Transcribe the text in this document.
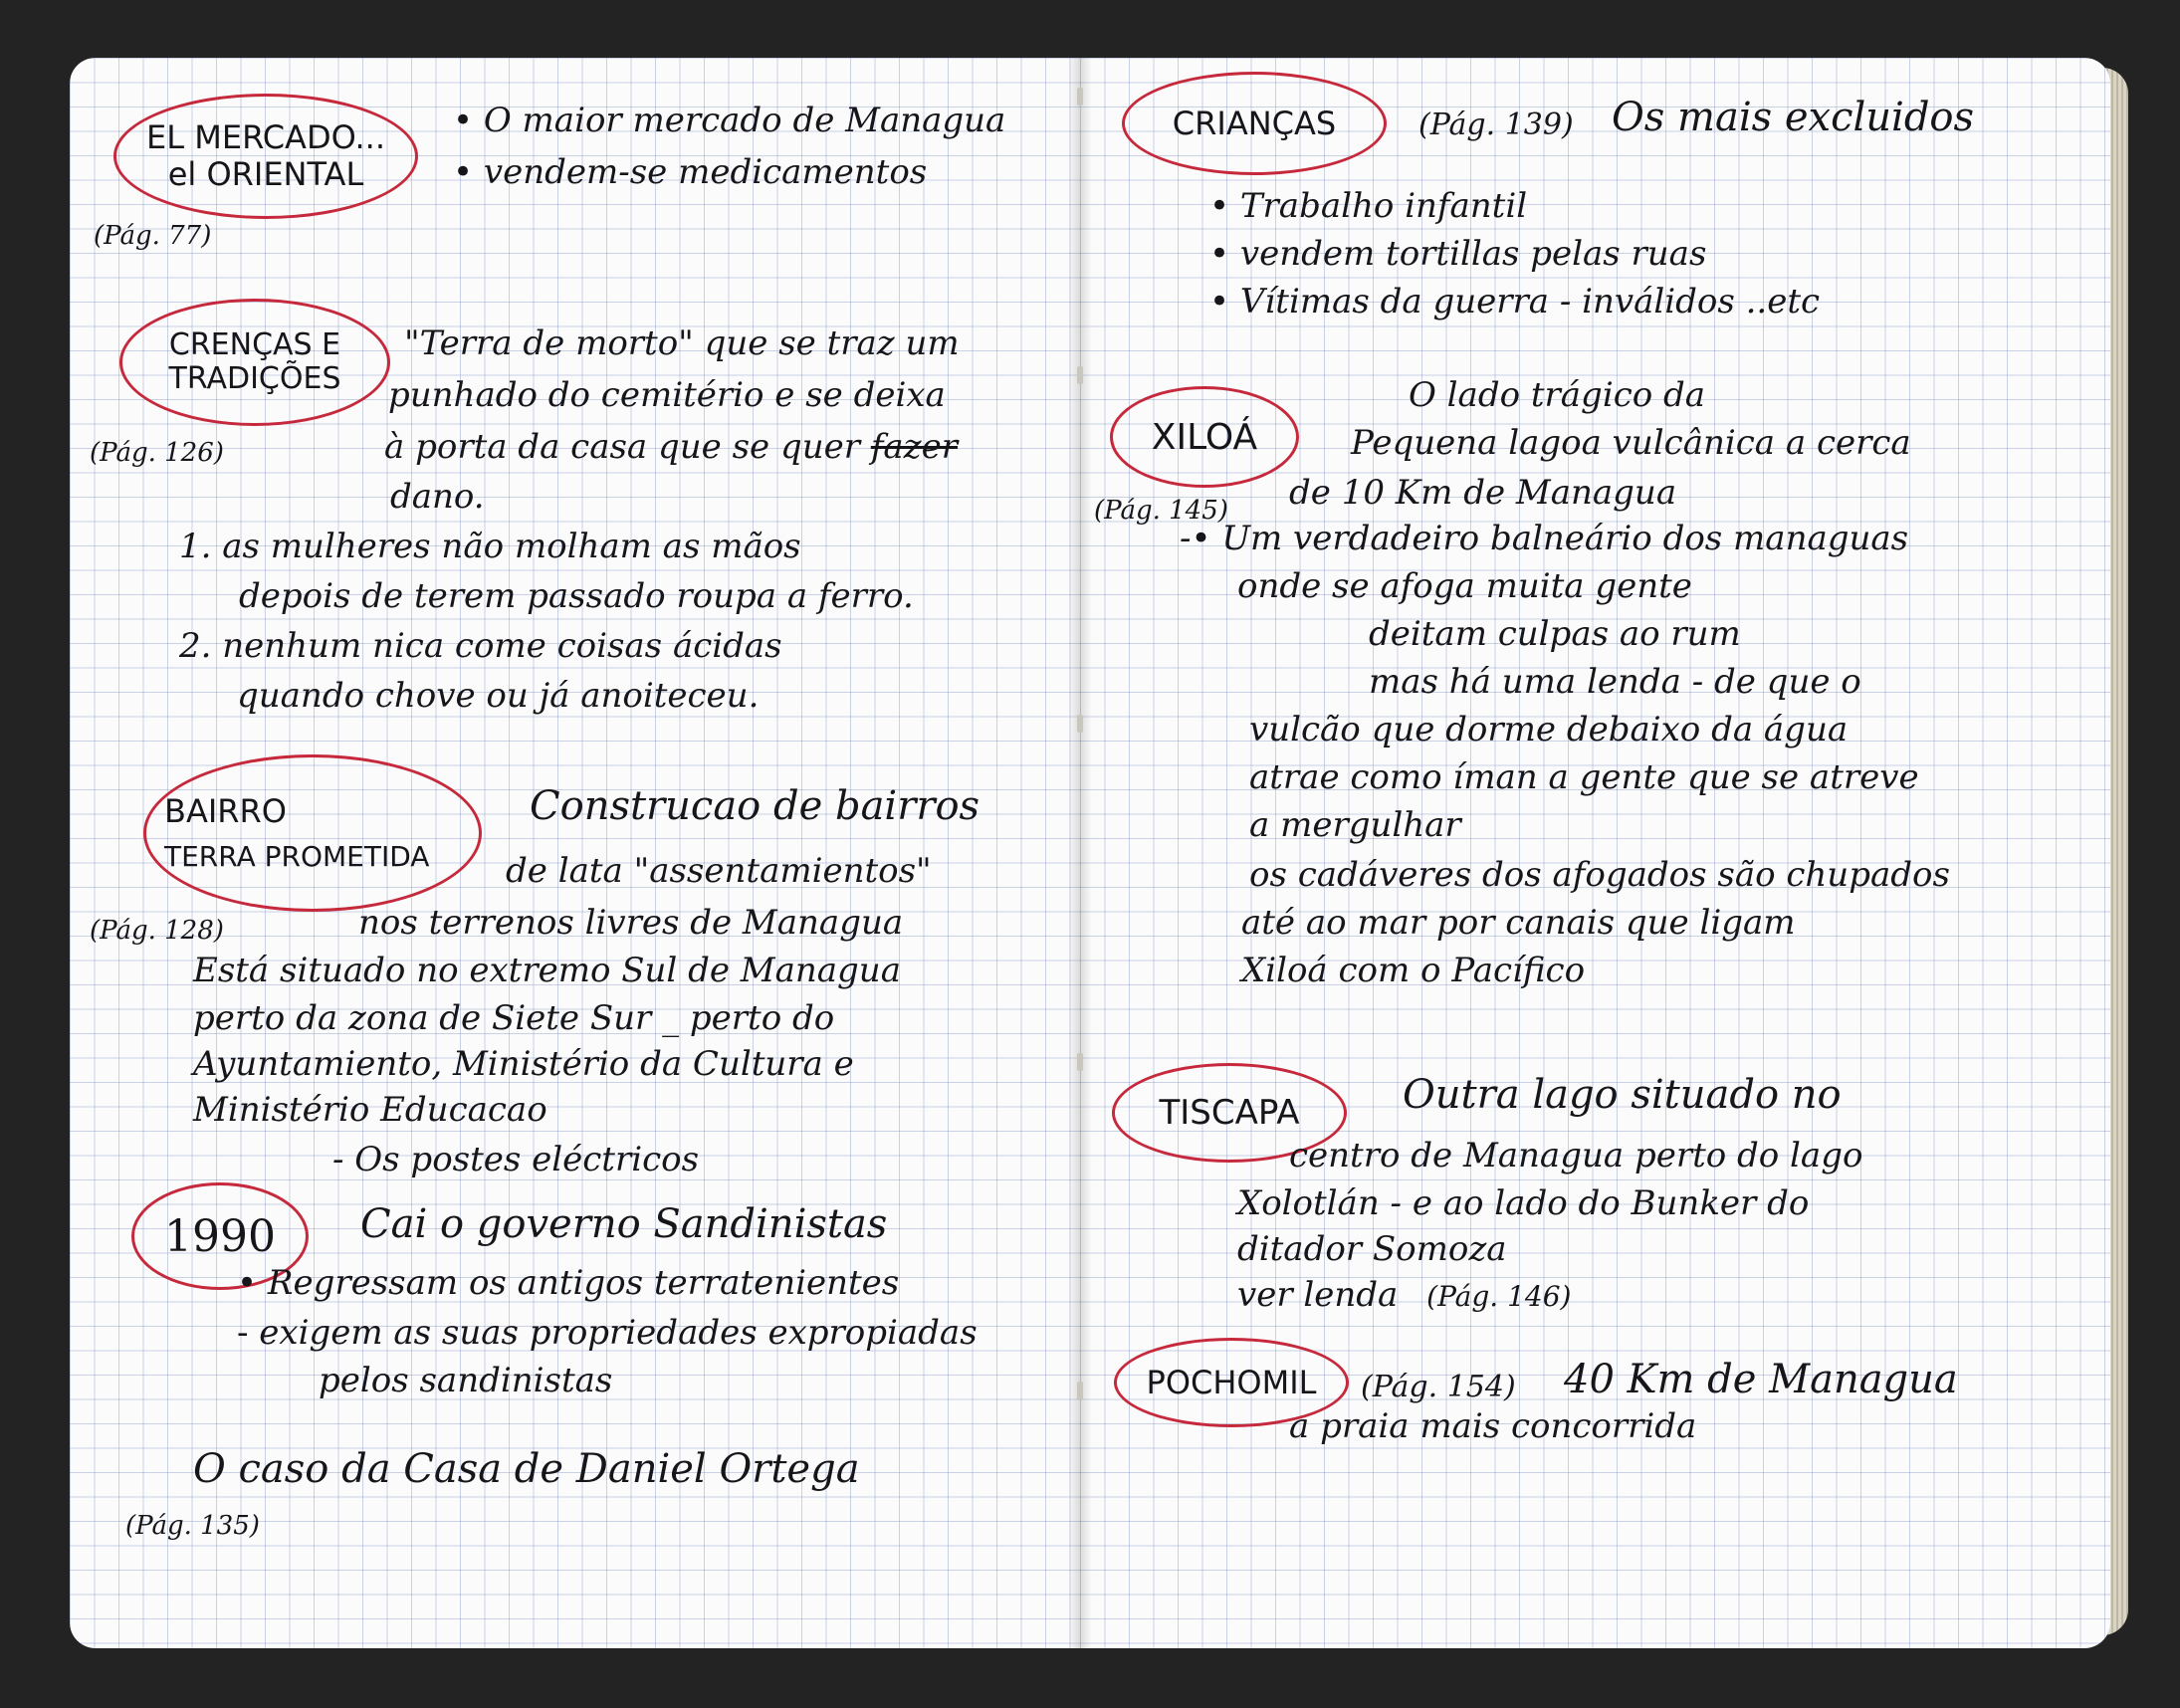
EL MERCADO...
el ORIENTAL
(Pág. 77)
• O maior mercado de Managua
• vendem-se medicamentos
CRENÇAS E
TRADIÇÕES
(Pág. 126)
"Terra de morto" que se traz um
punhado do cemitério e se deixa
à porta da casa que se quer fazer
dano.
1. as mulheres não molham as mãos
depois de terem passado roupa a ferro.
2. nenhum nica come coisas ácidas
quando chove ou já anoiteceu.
BAIRRO
TERRA PROMETIDA
(Pág. 128)
Construcao de bairros
de lata "assentamientos"
nos terrenos livres de Managua
Está situado no extremo Sul de Managua
perto da zona de Siete Sur _ perto do
Ayuntamiento, Ministério da Cultura e
Ministério Educacao
- Os postes eléctricos
1990	Cai o governo Sandinistas
• Regressam os antigos terratenientes
- exigem as suas propriedades expropiadas
pelos sandinistas
O caso da Casa de Daniel Ortega
(Pág. 135)
CRIANÇAS	(Pág. 139) Os mais excluidos
• Trabalho infantil
• vendem tortillas pelas ruas
• Vítimas da guerra - inválidos ..etc
XILOÁ
(Pág. 145)
O lado trágico da
Pequena lagoa vulcânica a cerca
de 10 Km de Managua
-• Um verdadeiro balneário dos managuas
onde se afoga muita gente
deitam culpas ao rum
mas há uma lenda - de que o
vulcão que dorme debaixo da água
atrae como íman a gente que se atreve
a mergulhar
os cadáveres dos afogados são chupados
até ao mar por canais que ligam
Xiloá com o Pacífico
TISCAPA	Outra lago situado no
centro de Managua perto do lago
Xolotlán - e ao lado do Bunker do
ditador Somoza
ver lenda (Pág. 146)
POCHOMIL	(Pág. 154) 40 Km de Managua
a praia mais concorrida
